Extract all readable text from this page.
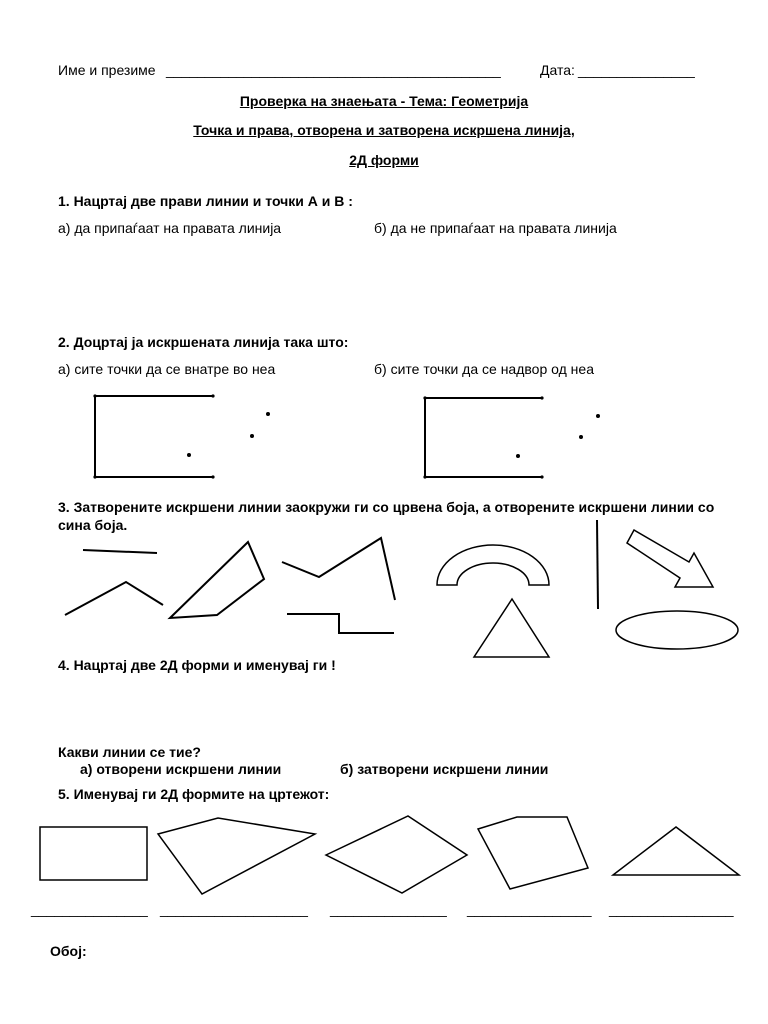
Име и презиме ___________________________________________	Дата: _______________
Проверка на знаењата - Тема: Геометрија
Точка и права, отворена и затворена искршена линија,
2Д форми
1. Нацртај две прави линии и точки А и В :
а) да припаѓаат на правата линија	б) да не припаѓаат на правата линија
2. Доцртај ја искршената линија така што:
а) сите точки да се внатре во неа	б) сите точки да се надвор од неа
3. Затворените искршени линии заокружи ги со црвена боја, а отворените искршени линии со
сина боја.
4. Нацртај две 2Д форми и именувај ги !
Какви линии се тие?
а) отворени искршени линии	б) затворени искршени линии
5. Именувај ги 2Д формите на цртежот:
_______________ ___________________ _______________ ________________ ________________
Обој:
